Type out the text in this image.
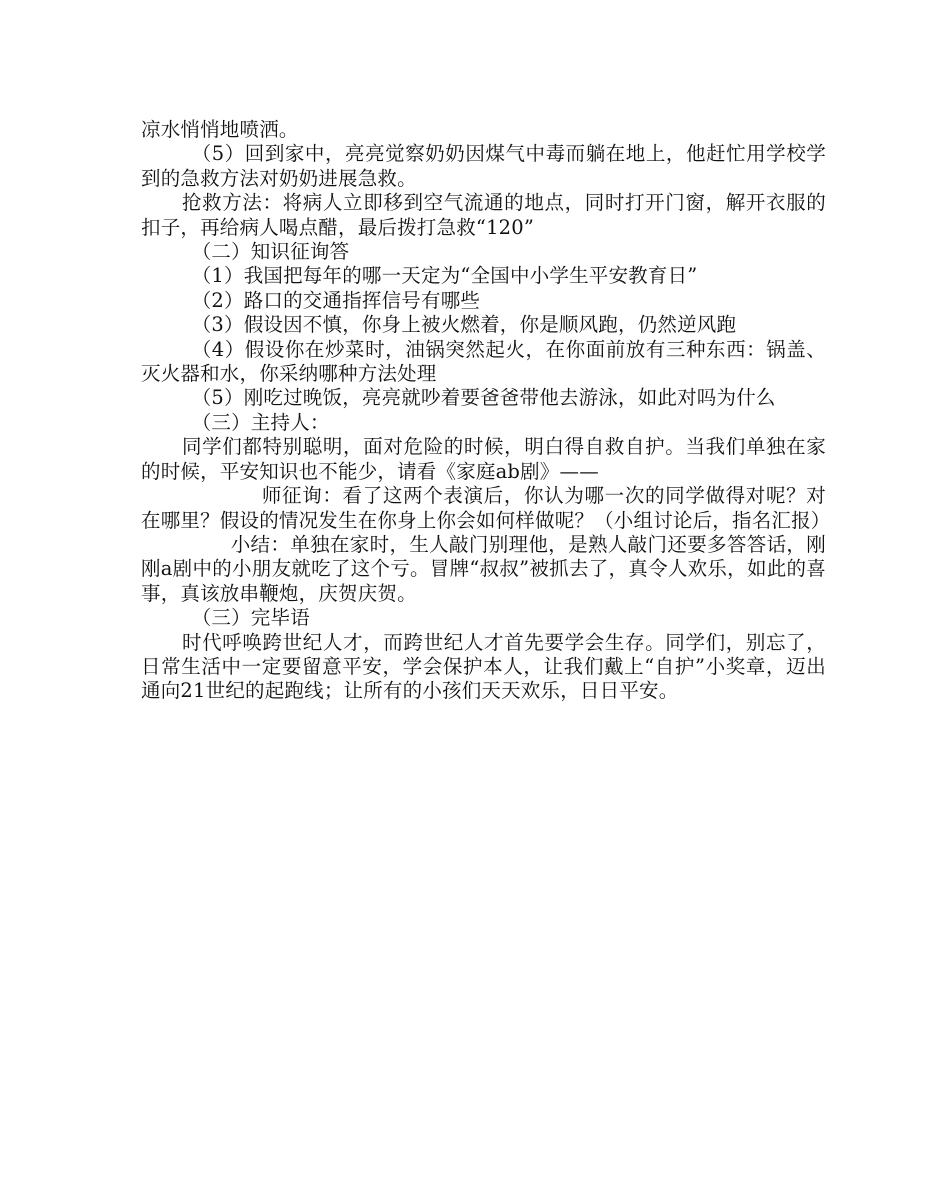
凉水悄悄地喷洒。

（5）回到家中，亮亮觉察奶奶因煤气中毒而躺在地上，他赶忙用学校学到的急救方法对奶奶进展急救。

抢救方法：将病人立即移到空气流通的地点，同时打开门窗，解开衣服的扣子，再给病人喝点醋，最后拨打急救“120”

（二）知识征询答

（1）我国把每年的哪一天定为“全国中小学生平安教育日”

（2）路口的交通指挥信号有哪些

（3）假设因不慎，你身上被火燃着，你是顺风跑，仍然逆风跑

（4）假设你在炒菜时，油锅突然起火，在你面前放有三种东西：锅盖、灭火器和水，你采纳哪种方法处理

（5）刚吃过晚饭，亮亮就吵着要爸爸带他去游泳，如此对吗为什么

（三）主持人：

同学们都特别聪明，面对危险的时候，明白得自救自护。当我们单独在家的时候，平安知识也不能少，请看《家庭ab剧》——

师征询：看了这两个表演后，你认为哪一次的同学做得对呢？对在哪里？假设的情况发生在你身上你会如何样做呢？（小组讨论后，指名汇报）

小结：单独在家时，生人敲门别理他，是熟人敲门还要多答答话，刚刚a剧中的小朋友就吃了这个亏。冒牌“叔叔”被抓去了，真令人欢乐，如此的喜事，真该放串鞭炮，庆贺庆贺。

（三）完毕语

时代呼唤跨世纪人才，而跨世纪人才首先要学会生存。同学们，别忘了，日常生活中一定要留意平安，学会保护本人，让我们戴上“自护”小奖章，迈出通向21世纪的起跑线；让所有的小孩们天天欢乐，日日平安。
